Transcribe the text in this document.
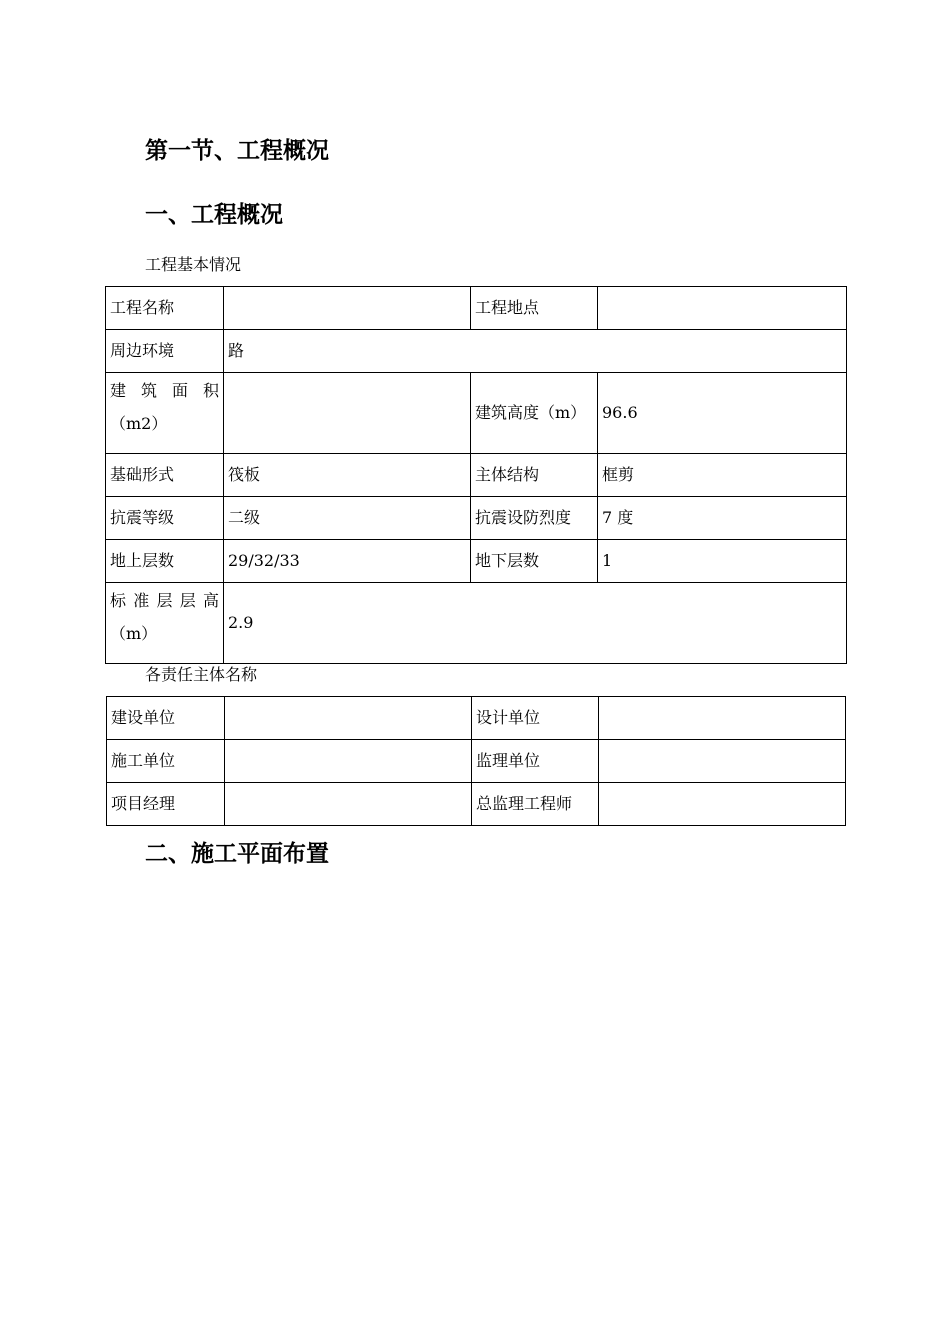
第一节、工程概况
一、工程概况
工程基本情况
工程名称		工程地点	
周边环境	路		

建 筑 面 积
（m2）		建筑高度（m）	96.6
基础形式	筏板	主体结构	框剪
抗震等级	二级	抗震设防烈度	7 度
地上层数	29/32/33	地下层数	1

标 准 层 层 高
（m）	2.9		
各责任主体名称
建设单位		设计单位	
施工单位		监理单位	
项目经理		总监理工程师	
二、施工平面布置
